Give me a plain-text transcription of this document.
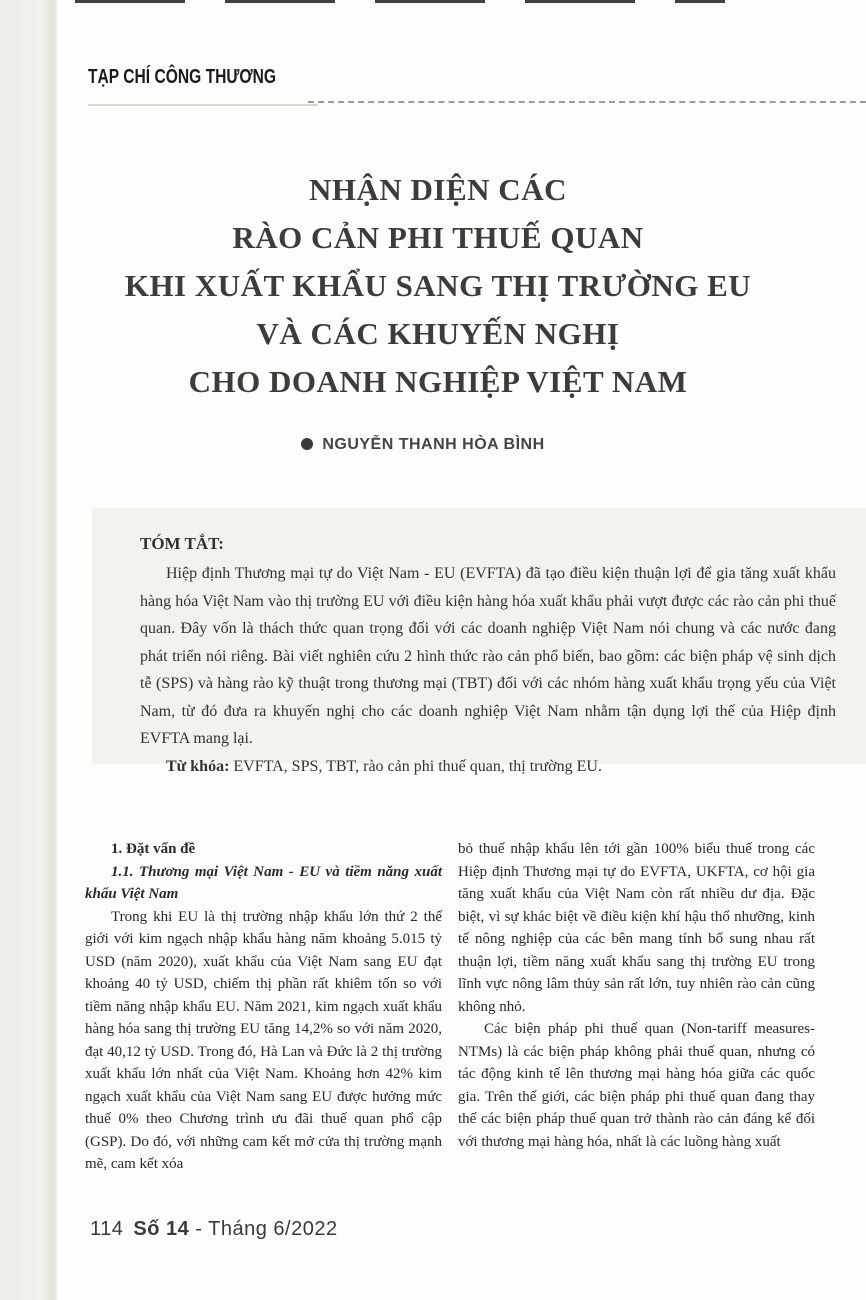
TẠP CHÍ CÔNG THƯƠNG
NHẬN DIỆN CÁC
RÀO CẢN PHI THUẾ QUAN
KHI XUẤT KHẨU SANG THỊ TRƯỜNG EU
VÀ CÁC KHUYẾN NGHỊ
CHO DOANH NGHIỆP VIỆT NAM
NGUYỄN THANH HÒA BÌNH
TÓM TẮT:

Hiệp định Thương mại tự do Việt Nam - EU (EVFTA) đã tạo điều kiện thuận lợi để gia tăng xuất khẩu hàng hóa Việt Nam vào thị trường EU với điều kiện hàng hóa xuất khẩu phải vượt được các rào cản phi thuế quan. Đây vốn là thách thức quan trọng đối với các doanh nghiệp Việt Nam nói chung và các nước đang phát triển nói riêng. Bài viết nghiên cứu 2 hình thức rào cản phổ biến, bao gồm: các biện pháp vệ sinh dịch tễ (SPS) và hàng rào kỹ thuật trong thương mại (TBT) đối với các nhóm hàng xuất khẩu trọng yếu của Việt Nam, từ đó đưa ra khuyến nghị cho các doanh nghiệp Việt Nam nhằm tận dụng lợi thế của Hiệp định EVFTA mang lại.

Từ khóa: EVFTA, SPS, TBT, rào cản phi thuế quan, thị trường EU.

1. Đặt vấn đề
1.1. Thương mại Việt Nam - EU và tiềm năng xuất khẩu Việt Nam

Trong khi EU là thị trường nhập khẩu lớn thứ 2 thế giới với kim ngạch nhập khẩu hàng năm khoảng 5.015 tỷ USD (năm 2020), xuất khẩu của Việt Nam sang EU đạt khoảng 40 tỷ USD, chiếm thị phần rất khiêm tốn so với tiềm năng nhập khẩu EU. Năm 2021, kim ngạch xuất khẩu hàng hóa sang thị trường EU tăng 14,2% so với năm 2020, đạt 40,12 tỷ USD. Trong đó, Hà Lan và Đức là 2 thị trường xuất khẩu lớn nhất của Việt Nam. Khoảng hơn 42% kim ngạch xuất khẩu của Việt Nam sang EU được hưởng mức thuế 0% theo Chương trình ưu đãi thuế quan phổ cập (GSP). Do đó, với những cam kết mở cửa thị trường mạnh mẽ, cam kết xóa

bỏ thuế nhập khẩu lên tới gần 100% biểu thuế trong các Hiệp định Thương mại tự do EVFTA, UKFTA, cơ hội gia tăng xuất khẩu của Việt Nam còn rất nhiều dư địa. Đặc biệt, vì sự khác biệt về điều kiện khí hậu thổ nhưỡng, kinh tế nông nghiệp của các bên mang tính bổ sung nhau rất thuận lợi, tiềm năng xuất khẩu sang thị trường EU trong lĩnh vực nông lâm thủy sản rất lớn, tuy nhiên rào cản cũng không nhỏ.

Các biện pháp phi thuế quan (Non-tariff measures-NTMs) là các biện pháp không phải thuế quan, nhưng có tác động kinh tế lên thương mại hàng hóa giữa các quốc gia. Trên thế giới, các biện pháp phi thuế quan đang thay thế các biện pháp thuế quan trở thành rào cản đáng kể đối với thương mại hàng hóa, nhất là các luồng hàng xuất

114 Số 14 - Tháng 6/2022
